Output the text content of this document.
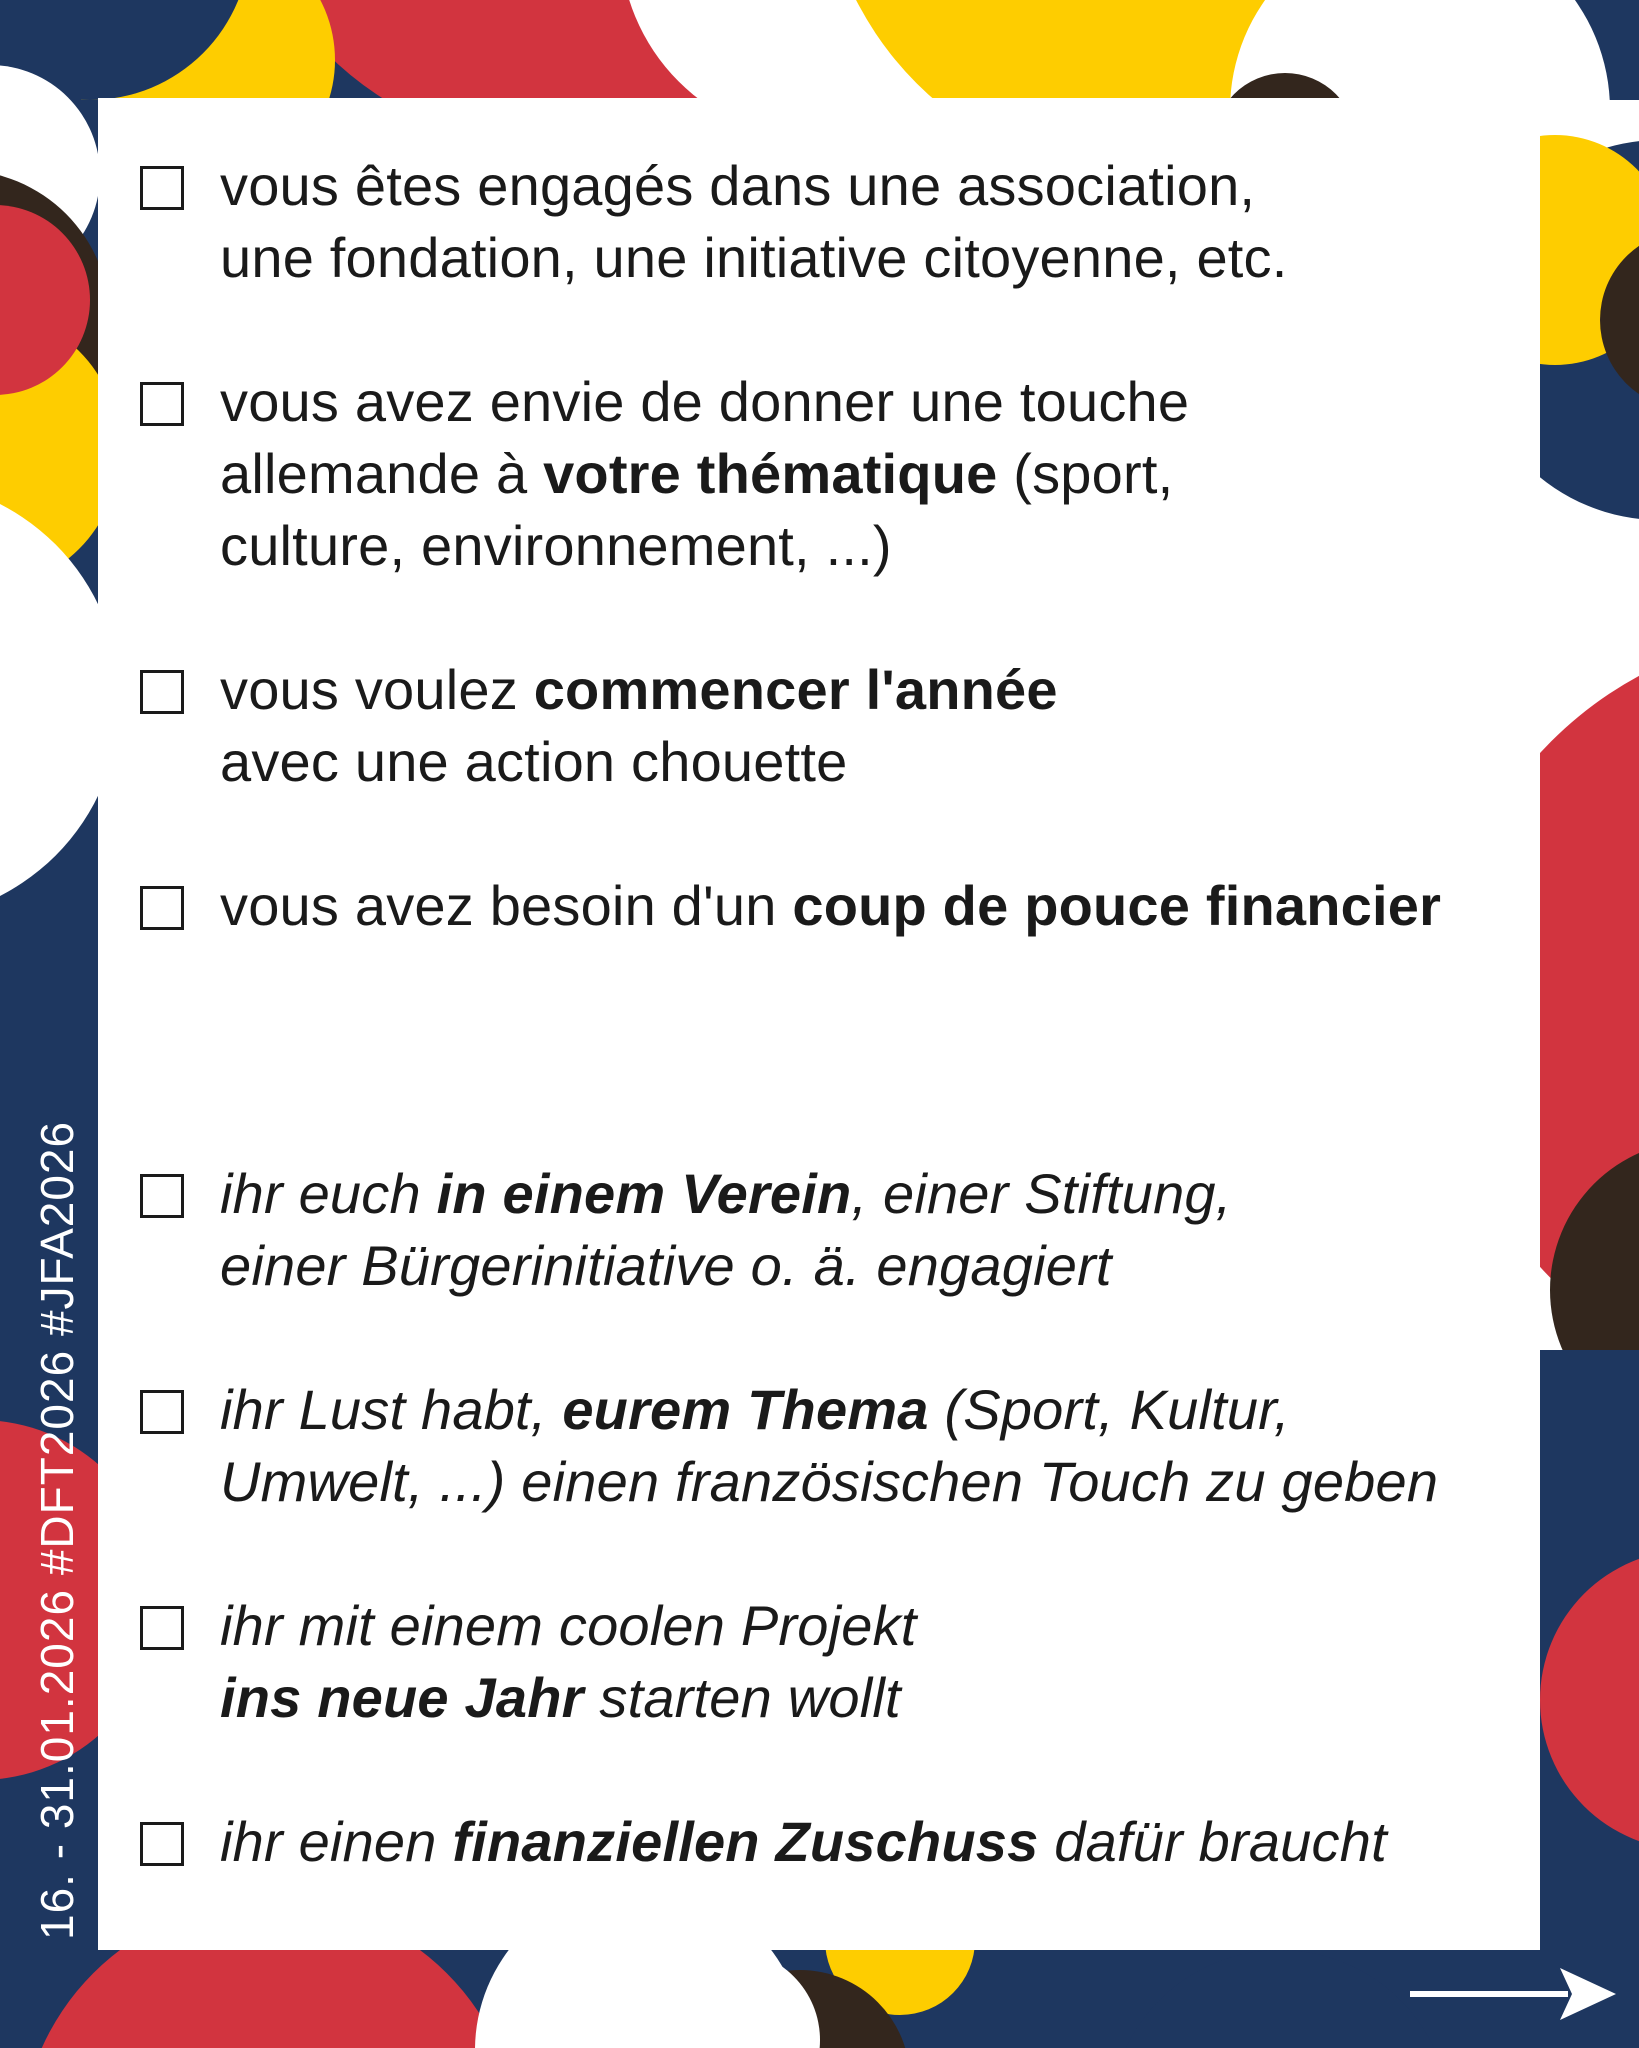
vous êtes engagés dans une association,
une fondation, une initiative citoyenne, etc.
vous avez envie de donner une touche
allemande à votre thématique (sport,
culture, environnement, ...)
vous voulez commencer l'année
avec une action chouette
vous avez besoin d'un coup de pouce financier
ihr euch in einem Verein, einer Stiftung,
einer Bürgerinitiative o. ä. engagiert
ihr Lust habt, eurem Thema (Sport, Kultur,
Umwelt, ...) einen französischen Touch zu geben
ihr mit einem coolen Projekt
ins neue Jahr starten wollt
ihr einen finanziellen Zuschuss dafür braucht
16. - 31.01.2026 #DFT2026 #JFA2026
